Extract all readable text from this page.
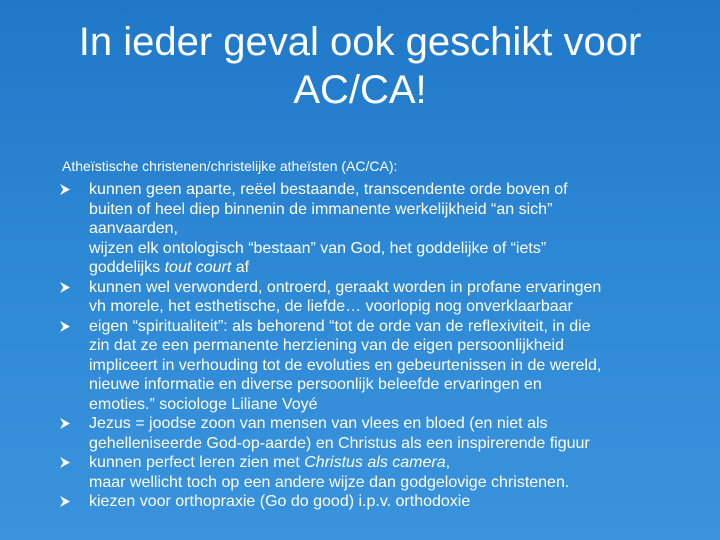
In ieder geval ook geschikt voor
AC/CA!

Atheïstische christenen/christelijke atheïsten (AC/CA):

kunnen geen aparte, reëel bestaande, transcendente orde boven of
buiten of heel diep binnenin de immanente werkelijkheid “an sich”
aanvaarden,
wijzen elk ontologisch “bestaan” van God, het goddelijke of “iets”
goddelijks tout court af
kunnen wel verwonderd, ontroerd, geraakt worden in profane ervaringen
vh morele, het esthetische, de liefde… voorlopig nog onverklaarbaar
eigen “spiritualiteit”: als behorend “tot de orde van de reflexiviteit, in die
zin dat ze een permanente herziening van de eigen persoonlijkheid
impliceert in verhouding tot de evoluties en gebeurtenissen in de wereld,
nieuwe informatie en diverse persoonlijk beleefde ervaringen en
emoties.” sociologe Liliane Voyé
Jezus = joodse zoon van mensen van vlees en bloed (en niet als
gehelleniseerde God-op-aarde) en Christus als een inspirerende figuur
kunnen perfect leren zien met Christus als camera,
maar wellicht toch op een andere wijze dan godgelovige christenen.
kiezen voor orthopraxie (Go do good) i.p.v. orthodoxie
